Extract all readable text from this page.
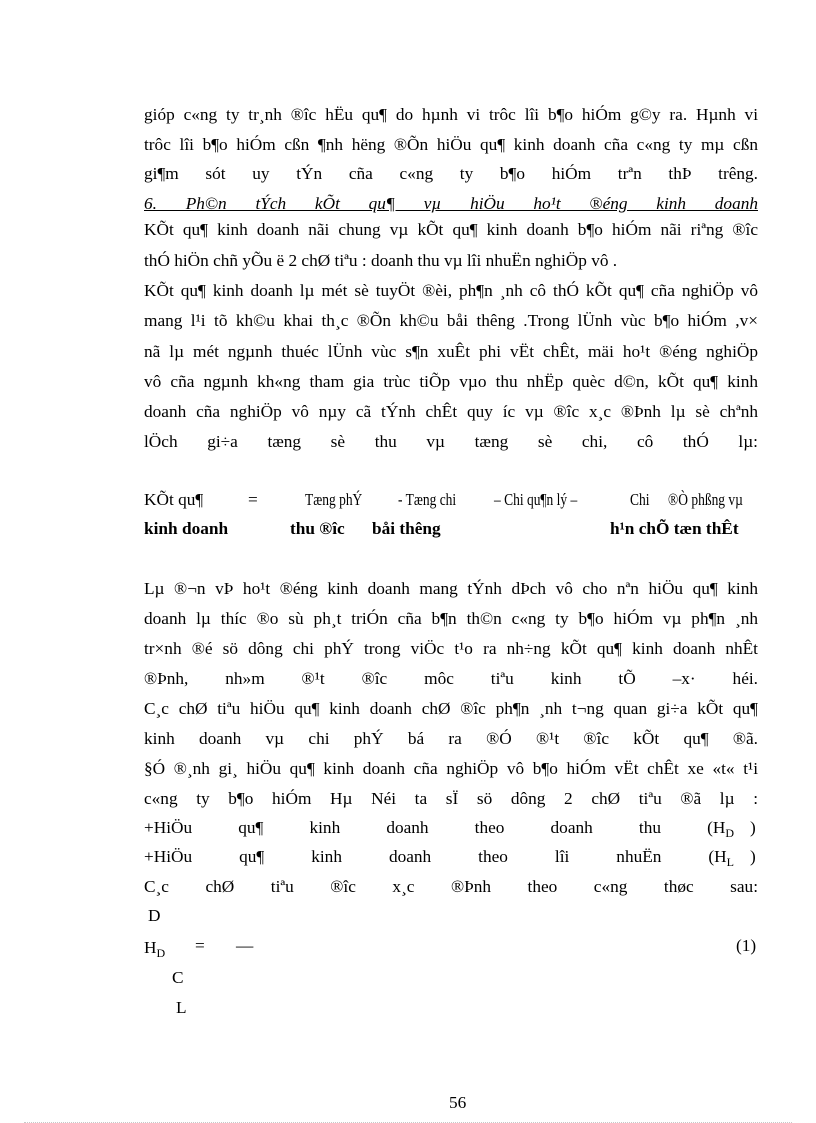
gióp c«ng ty tr¸nh ®îc hËu qu¶ do hµnh vi trôc lîi b¶o hiÓm g©y ra. Hµnh vi
trôc lîi b¶o hiÓm cßn ¶nh hëng ®Õn hiÖu qu¶ kinh doanh cña c«ng ty mµ cßn
gi¶m sót uy tÝn cña c«ng ty b¶o hiÓm trªn thÞ trêng.
6. Ph©n tÝch kÕt qu¶ vµ hiÖu ho¹t ®éng kinh doanh
KÕt qu¶ kinh doanh nãi chung vµ kÕt qu¶ kinh doanh b¶o hiÓm nãi riªng ®îc
thÓ hiÖn chñ yÕu ë 2 chØ tiªu : doanh thu vµ lîi nhuËn nghiÖp vô .
KÕt qu¶ kinh doanh lµ mét sè tuyÖt ®èi, ph¶n ¸nh cô thÓ kÕt qu¶ cña nghiÖp vô
mang l¹i tõ kh©u khai th¸c ®Õn kh©u båi thêng .Trong lÜnh vùc b¶o hiÓm ,v×
nã lµ mét ngµnh thuéc lÜnh vùc s¶n xuÊt phi vËt chÊt, mäi ho¹t ®éng nghiÖp
vô cña ngµnh kh«ng tham gia trùc tiÕp vµo thu nhËp quèc d©n, kÕt qu¶ kinh
doanh cña nghiÖp vô nµy cã tÝnh chÊt quy íc vµ ®îc x¸c ®Þnh lµ sè chªnh
lÖch gi÷a tæng sè thu vµ tæng sè chi, cô thÓ lµ:
KÕt qu¶	=	Tæng phÝ	- Tæng chi	– Chi qu¶n lý –	Chi	®Ò phßng vµ
kinh doanh	thu ®îc båi thêng	h¹n chÕ tæn thÊt
Lµ ®¬n vÞ ho¹t ®éng kinh doanh mang tÝnh dÞch vô cho nªn hiÖu qu¶ kinh
doanh lµ thíc ®o sù ph¸t triÓn cña b¶n th©n c«ng ty b¶o hiÓm vµ ph¶n ¸nh
tr×nh ®é sö dông chi phÝ trong viÖc t¹o ra nh÷ng kÕt qu¶ kinh doanh nhÊt
®Þnh, nh»m ®¹t ®îc môc tiªu kinh tÕ –x· héi.
C¸c chØ tiªu hiÖu qu¶ kinh doanh chØ ®îc ph¶n ¸nh t¬ng quan gi÷a kÕt qu¶
kinh doanh vµ chi phÝ bá ra ®Ó ®¹t ®îc kÕt qu¶ ®ã.
§Ó ®¸nh gi¸ hiÖu qu¶ kinh doanh cña nghiÖp vô b¶o hiÓm vËt chÊt xe «t« t¹i
c«ng ty b¶o hiÓm Hµ Néi ta sÏ sö dông 2 chØ tiªu ®ã lµ :
+HiÖu qu¶ kinh doanh theo doanh thu ($H_D$ )
+HiÖu qu¶ kinh doanh theo lîi nhuËn ($H_L$ )
C¸c chØ tiªu ®îc x¸c ®Þnh theo c«ng thøc sau:
D
$H_D$ = —	(1)
C
L
56
